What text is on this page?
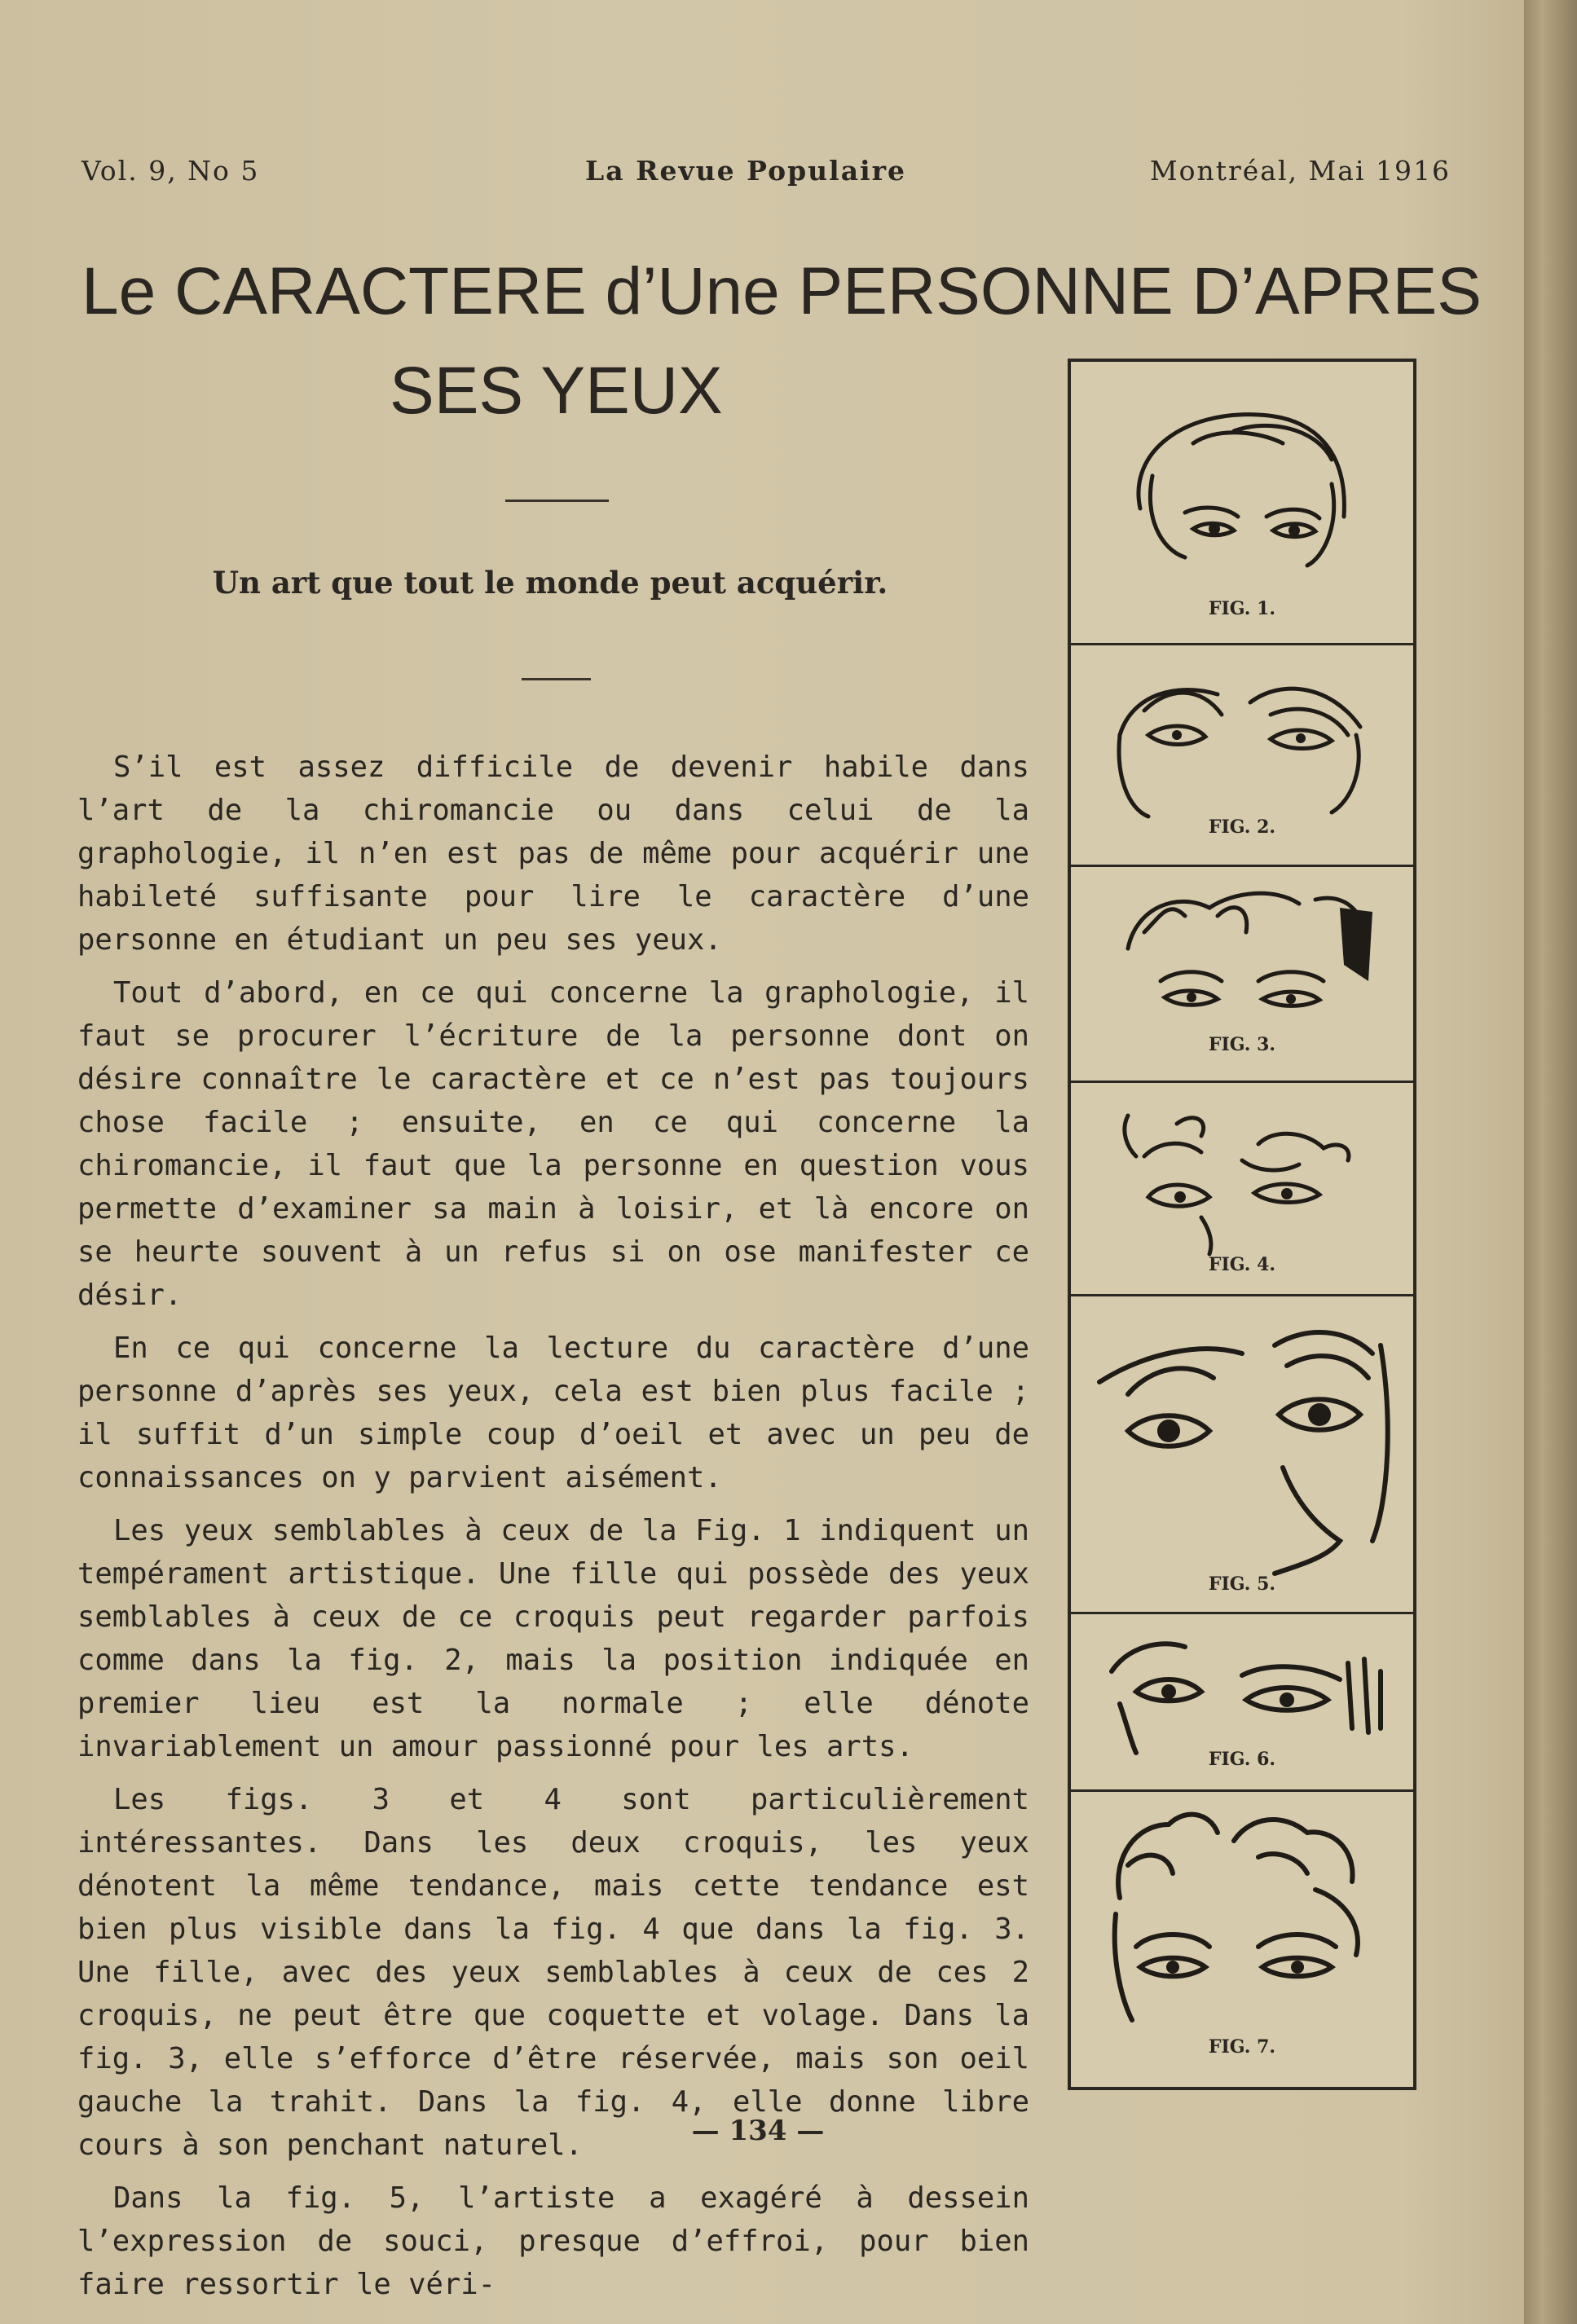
Vol. 9, No 5	La Revue Populaire	Montréal, Mai 1916
Le CARACTERE d’Une PERSONNE D’APRES
SES YEUX
Un art que tout le monde peut acquérir.

S’il est assez difficile de devenir habile dans l’art de la chiromancie ou dans celui de la graphologie, il n’en est pas de même pour acquérir une habileté suffisante pour lire le caractère d’une personne en étudiant un peu ses yeux.

Tout d’abord, en ce qui concerne la graphologie, il faut se procurer l’écriture de la personne dont on désire connaître le caractère et ce n’est pas toujours chose facile ; ensuite, en ce qui concerne la chiromancie, il faut que la personne en question vous permette d’examiner sa main à loisir, et là encore on se heurte souvent à un refus si on ose manifester ce désir.

En ce qui concerne la lecture du caractère d’une personne d’après ses yeux, cela est bien plus facile ; il suffit d’un simple coup d’oeil et avec un peu de connaissances on y parvient aisément.

Les yeux semblables à ceux de la Fig. 1 indiquent un tempérament artistique. Une fille qui possède des yeux semblables à ceux de ce croquis peut regarder parfois comme dans la fig. 2, mais la position indiquée en premier lieu est la normale ; elle dénote invariablement un amour passionné pour les arts.

Les figs. 3 et 4 sont particulièrement intéressantes. Dans les deux croquis, les yeux dénotent la même tendance, mais cette tendance est bien plus visible dans la fig. 4 que dans la fig. 3. Une fille, avec des yeux semblables à ceux de ces 2 croquis, ne peut être que coquette et volage. Dans la fig. 3, elle s’efforce d’être réservée, mais son oeil gauche la trahit. Dans la fig. 4, elle donne libre cours à son penchant naturel.

Dans la fig. 5, l’artiste a exagéré à dessein l’expression de souci, presque d’effroi, pour bien faire ressortir le véri-

FIG. 1.
FIG. 2.
FIG. 3.
FIG. 4.
FIG. 5.
FIG. 6.
FIG. 7.
— 134 —
